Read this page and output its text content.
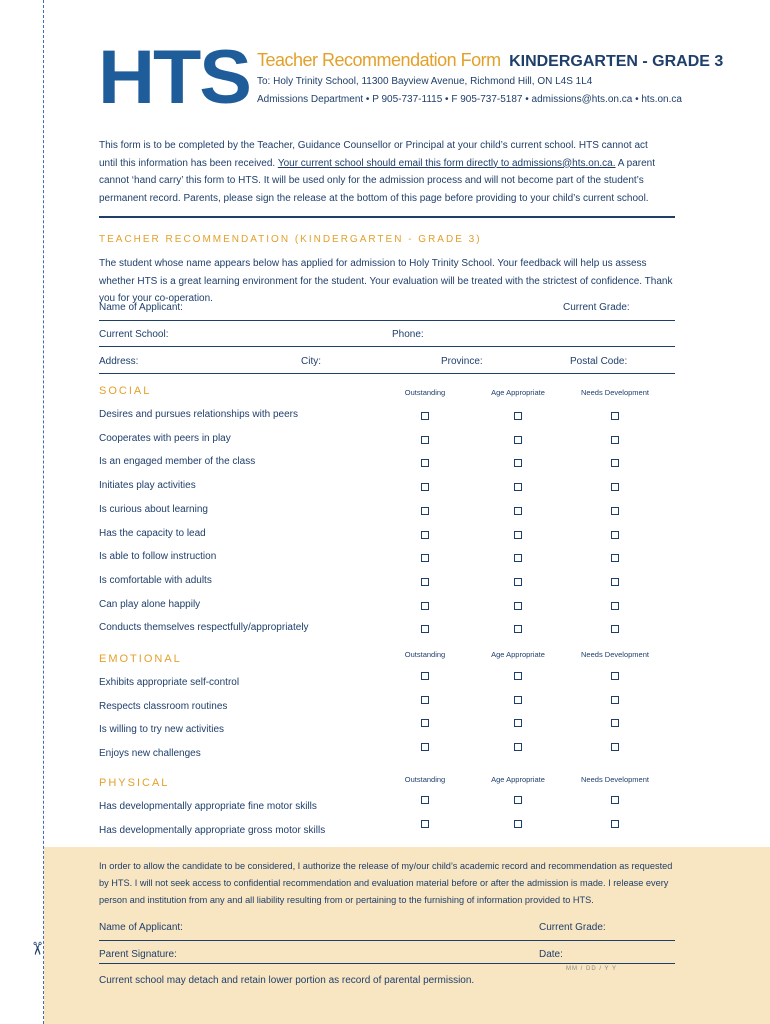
HTS Teacher Recommendation Form KINDERGARTEN - GRADE 3
To: Holy Trinity School, 11300 Bayview Avenue, Richmond Hill, ON L4S 1L4
Admissions Department • P 905-737-1115 • F 905-737-5187 • admissions@hts.on.ca • hts.on.ca
This form is to be completed by the Teacher, Guidance Counsellor or Principal at your child’s current school. HTS cannot act until this information has been received. Your current school should email this form directly to admissions@hts.on.ca. A parent cannot ‘hand carry’ this form to HTS. It will be used only for the admission process and will not become part of the student’s permanent record. Parents, please sign the release at the bottom of this page before providing to your child’s current school.
TEACHER RECOMMENDATION (KINDERGARTEN - GRADE 3)
The student whose name appears below has applied for admission to Holy Trinity School. Your feedback will help us assess whether HTS is a great learning environment for the student. Your evaluation will be treated with the strictest of confidence. Thank you for your co-operation.
Name of Applicant:	Current Grade:
Current School:	Phone:
Address:	City:	Province:	Postal Code:
SOCIAL	Outstanding	Age Appropriate	Needs Development
Desires and pursues relationships with peers
Cooperates with peers in play
Is an engaged member of the class
Initiates play activities
Is curious about learning
Has the capacity to lead
Is able to follow instruction
Is comfortable with adults
Can play alone happily
Conducts themselves respectfully/appropriately
EMOTIONAL	Outstanding	Age Appropriate	Needs Development
Exhibits appropriate self-control
Respects classroom routines
Is willing to try new activities
Enjoys new challenges
PHYSICAL	Outstanding	Age Appropriate	Needs Development
Has developmentally appropriate fine motor skills
Has developmentally appropriate gross motor skills
✂
In order to allow the candidate to be considered, I authorize the release of my/our child’s academic record and recommendation as requested by HTS. I will not seek access to confidential recommendation and evaluation material before or after the admission is made. I release every person and institution from any and all liability resulting from or pertaining to the furnishing of information provided to HTS.
Name of Applicant:	Current Grade:
Parent Signature:	Date:
MM / DD / Y Y
Current school may detach and retain lower portion as record of parental permission.
